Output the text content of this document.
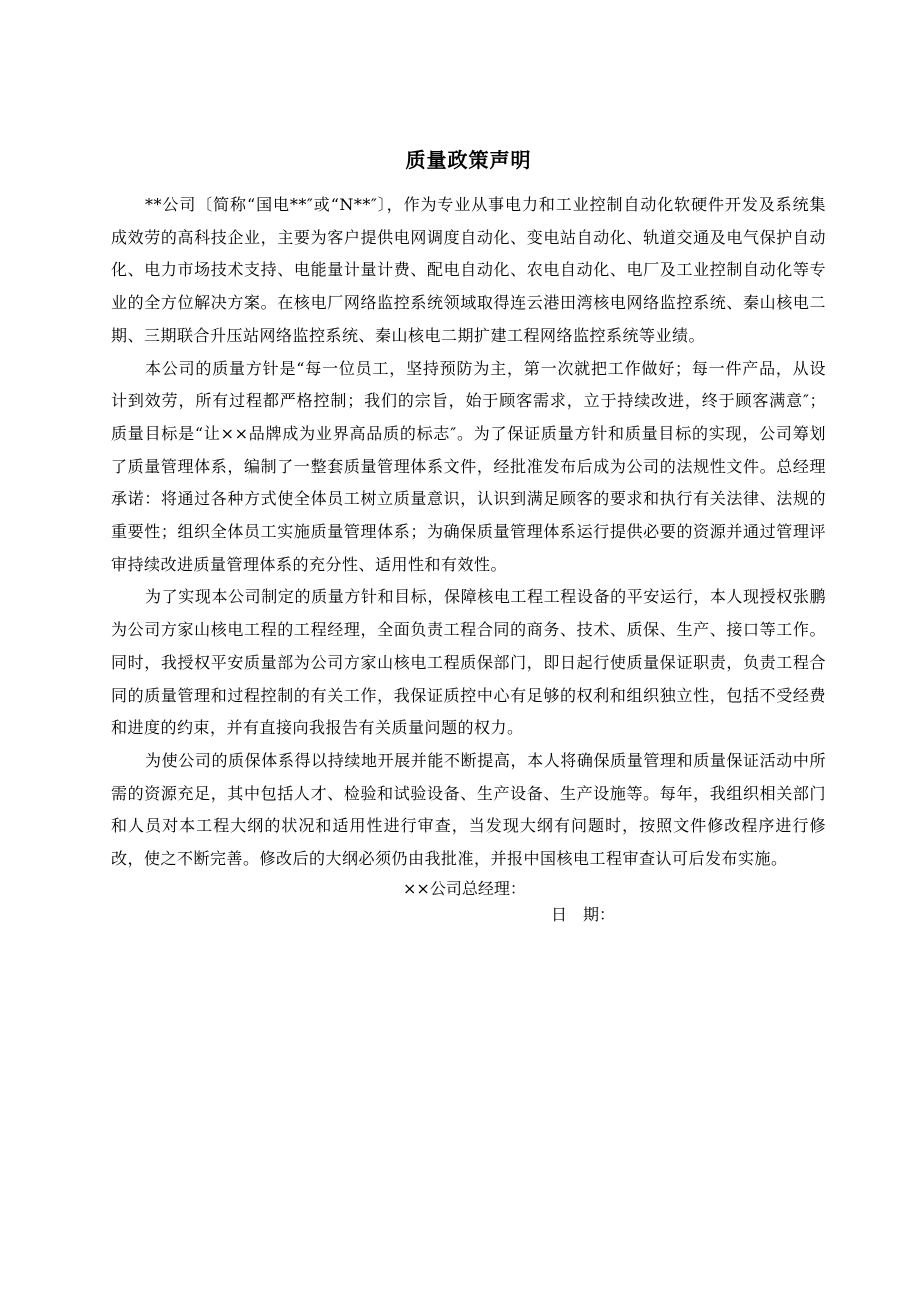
质量政策声明

**公司〔简称“国电**″或“N**″〕，作为专业从事电力和工业控制自动化软硬件开发及系统集成效劳的高科技企业，主要为客户提供电网调度自动化、变电站自动化、轨道交通及电气保护自动化、电力市场技术支持、电能量计量计费、配电自动化、农电自动化、电厂及工业控制自动化等专业的全方位解决方案。在核电厂网络监控系统领域取得连云港田湾核电网络监控系统、秦山核电二期、三期联合升压站网络监控系统、秦山核电二期扩建工程网络监控系统等业绩。

本公司的质量方针是“每一位员工，坚持预防为主，第一次就把工作做好；每一件产品，从设计到效劳，所有过程都严格控制；我们的宗旨，始于顾客需求，立于持续改进，终于顾客满意″；质量目标是“让××品牌成为业界高品质的标志″。为了保证质量方针和质量目标的实现，公司筹划了质量管理体系，编制了一整套质量管理体系文件，经批准发布后成为公司的法规性文件。总经理承诺：将通过各种方式使全体员工树立质量意识，认识到满足顾客的要求和执行有关法律、法规的重要性；组织全体员工实施质量管理体系；为确保质量管理体系运行提供必要的资源并通过管理评审持续改进质量管理体系的充分性、适用性和有效性。

为了实现本公司制定的质量方针和目标，保障核电工程工程设备的平安运行，本人现授权张鹏为公司方家山核电工程的工程经理，全面负责工程合同的商务、技术、质保、生产、接口等工作。同时，我授权平安质量部为公司方家山核电工程质保部门，即日起行使质量保证职责，负责工程合同的质量管理和过程控制的有关工作，我保证质控中心有足够的权利和组织独立性，包括不受经费和进度的约束，并有直接向我报告有关质量问题的权力。

为使公司的质保体系得以持续地开展并能不断提高，本人将确保质量管理和质量保证活动中所需的资源充足，其中包括人才、检验和试验设备、生产设备、生产设施等。每年，我组织相关部门和人员对本工程大纲的状况和适用性进行审查，当发现大纲有问题时，按照文件修改程序进行修改，使之不断完善。修改后的大纲必须仍由我批准，并报中国核电工程审查认可后发布实施。

××公司总经理：
日　期：
